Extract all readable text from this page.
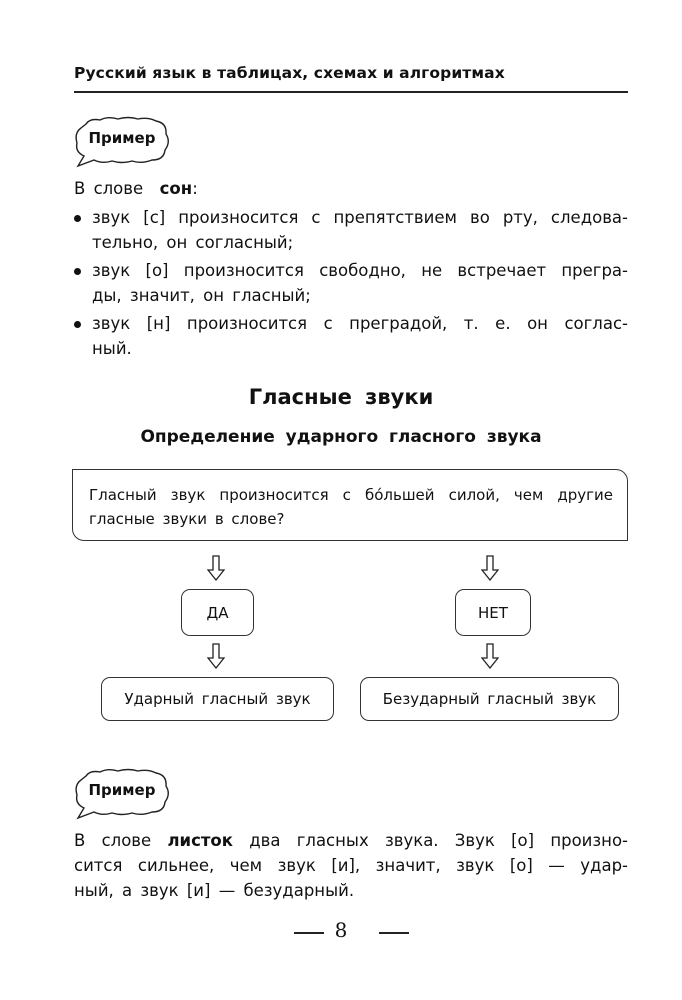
Русский язык в таблицах, схемах и алгоритмах
Пример
В слове сон:
звук [с] произносится с препятствием во рту, следова-
тельно, он согласный;
звук [о] произносится свободно, не встречает прегра-
ды, значит, он гласный;
звук [н] произносится с преградой, т. е. он соглас-
ный.
Гласные звуки
Определение ударного гласного звука
Гласный звук произносится с бо́льшей силой, чем другие
гласные звуки в слове?
ДА	НЕТ
Ударный гласный звук	Безударный гласный звук
Пример
В слове листок два гласных звука. Звук [о] произно-
сится сильнее, чем звук [и], значит, звук [о] — удар-
ный, а звук [и] — безударный.
8
